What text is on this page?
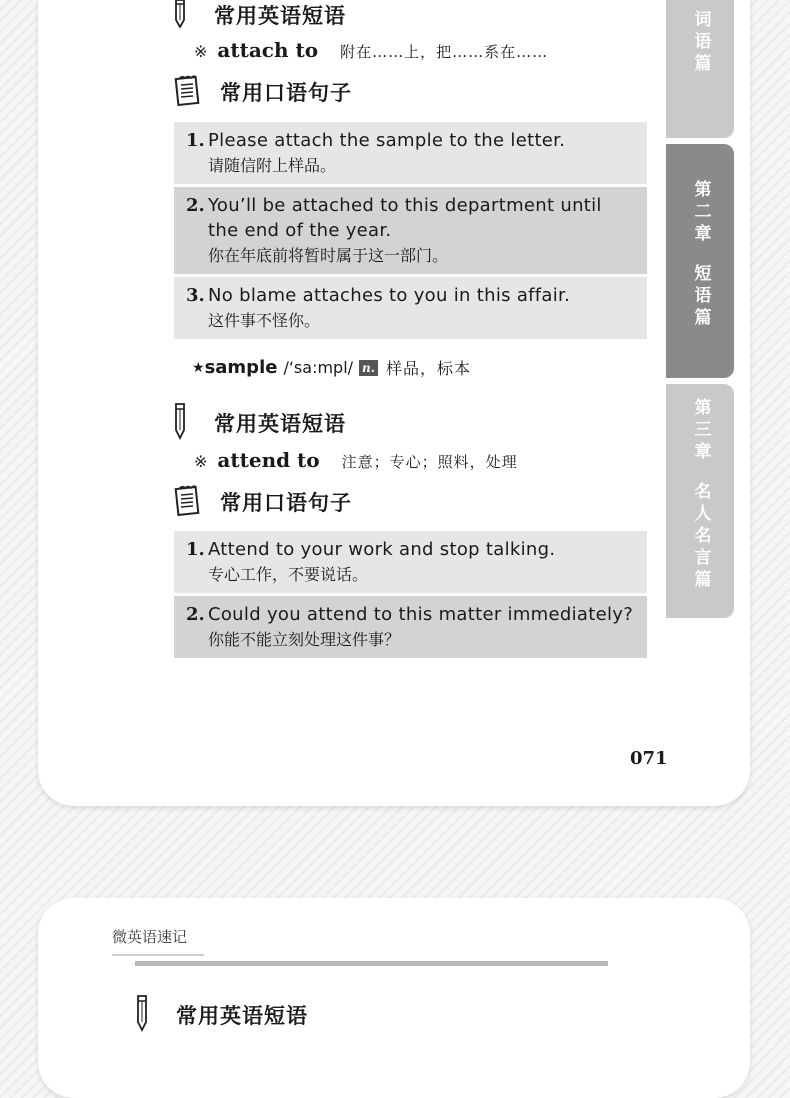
词语篇
第二章
短语篇
第三章
名人名言篇
常用英语短语
※ attach to 附在……上，把……系在……
常用口语句子
1. Please attach the sample to the letter.
请随信附上样品。
2. You’ll be attached to this department until the end of the year.
你在年底前将暂时属于这一部门。
3. No blame attaches to you in this affair.
这件事不怪你。
★ sample /‘sa:mpl/ n. 样品，标本
常用英语短语
※ attend to 注意；专心；照料，处理
常用口语句子
1. Attend to your work and stop talking.
专心工作，不要说话。
2. Could you attend to this matter immediately?
你能不能立刻处理这件事？
071
微英语速记
常用英语短语
